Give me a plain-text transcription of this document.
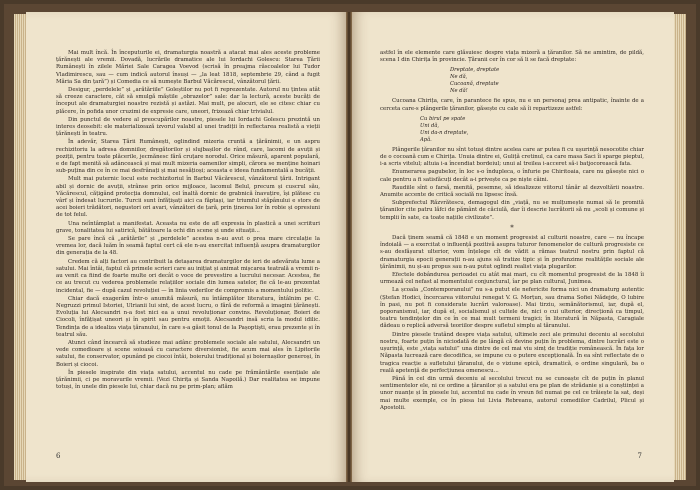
Mai mult încă. În începuturile ei, dramaturgia noastră a atacat mai ales aceste probleme țărănești ale vremii. Dovadă, lucrările dramatice ale lui Iordachi Golescu: Starea Țării Rumânești în zilele Măriei Sale Caragea Voevod (scrisă în preajma răscoalelor lui Tudor Vladimirescu, sau — cum indică autorul însuși — „la leat 1818, septembrie 29, când a fugit Măria Sa din țară”) și Comedia ce să numește Barbul Văcărescul, vânzătorul țării.

Desigur, „perdelele” și „arătăriile” Goleștilor nu pot fi reprezentate. Autorul nu țintea atât să creeze caractere, cât să smulgă măștile „obrazelor” sale: dar la lectură, aceste bucăți de început ale dramaturgiei noastre rezistă și astăzi. Mai mult, pe alocuri, ele se citesc chiar cu plăcere, în pofida unor cruzimi de expresie care, uneori, frizează chiar trivialul.

Din punctul de vedere al preocupărilor noastre, piesele lui Iordachi Golescu prezintă un interes deosebit: ele materializează izvorul valabil al unei tradiții în reflectarea realistă a vieții țărănești în teatru.

În adevăr, Starea Țării Rumânești, oglindind mizeria cruntă a țărănimii, e un aspru rechizitoriu la adresa domniilor, dregătorilor și slujbașilor de rând, care, lacomi de avuții și poziții, pentru toate plăcerile, jecmănesc fără cruțare norodul. Orice măsură, aparent populară, e de fapt menită să adâncească și mai mult mizeria oamenilor simpli, cărora se menține hoinari sub-puțina din ce în ce mai desfrânați și mai nesățioși; aceasta e ideea fundamentală a bucății.

Mult mai puternic locul este rechizitoriul în Barbul Văcărescul, vânzătorul țării. Intrigant abil și dornic de avuții, strânse prin orice mijloace, lacomul Belul, precum și cuscrul său, Văcărescul, cățigând protecția domnului, cel înaltă dornic de grabnică înavuțire, își plătesc cu vârf și îndesat lucrurile. Turcii sunt înfățișați aici ca făptași, iar triumful stăpânului e stors de acei boieri trădători, negustori ori avari, vânzători de țară, prin ținerea lor în robie și opresiuni de tot felul.

Una neîntâmplat a manifestat. Aceasta nu este de afl expresia în plastică a unei scriituri grave, tonalitatea lui satirică, bătătoare la ochi din scene și unde situații...

Se pare încă că „arătările” și „perdelele” acestea n-au avut o prea mare circulație la vremea lor, dacă luăm în seamă faptul cert că ele n-au exercitat influență asupra dramaturgilor din generația de la 48.

Credem că alți factori au contribuit la detașarea dramaturgilor de ieri de adevărata lume a satului. Mai întâi, faptul că primele scrieri care au inițiat și animat mișcarea teatrală a vremii n-au venit ca fiind de foarte multe ori decât o voce de prevestire a lucrului necesar. Acestea, fie ce au trecut cu vederea problemele relațiilor sociale din lumea satelor, fie că le-au prezentat incidental, fie — după cazul revoluției — în linia vederilor de compromis a momentului politic.

Chiar dacă exagerăm într-o anumită măsură, nu întâmplător literatura, întâlnim pe C. Negruzzi primul Istoriei, Ulrianii lui sint, de acest lucru, o fără de reformă a imagini țărănești. Evoluția lui Alecsandri n-a fost nici ea a unui revoluționar convins. Revoluționar, Boieri de Ciocoli, înfățișat uneori și în spirit sau pentru emoții. Alecsandri insă scria la modul idilic. Tendința de a idealiza viața țăranului, în care s-a găsit tonul de la Pașoptiști, erau prezente și în teatrul său.

Atunci când încearcă să studieze mai adânc problemele sociale ale satului, Alecsandri un vede comedioare și scene soioasă cu caractere diversionist, fie acum mai ales în Lipitorile satului, fie conservator, opunând pe ciocoi întâi, boierului tradițional și boiernașilor generoși, în Boieri și ciocoi.

În piesele inspirate din viața satului, accentul nu cade pe frământările esențiale ale țărănimii, ci pe moravurile vremii. (Vezi Chirița și Sanda Napoilă.) Dar realitatea se impune totuși, în unele din piesele lui, chiar dacă nu pe prim-plan; aflăm

6

astfel în ele elemente care glăsuiesc despre viața mizeră a țăranilor. Să ne amintim, de pildă, scena I din Chirița în provincie. Țăranii cer în cor să li se facă dreptate:

Dreptate, dreptate
Ne dă,
Cucoană, dreptate
Ne dă!

Cucoana Chirița, care, în parantece fie spus, nu e un personaj prea antipatic, înainte de a cerceta care-s plângerile țăranilor, găsește cu cale să îi repartizeze astfel:

Cu birul pe spate
Uni dă,
Uni da-n dreptate,
Apă.

Plângerile țăranilor nu sînt totuși dintre acelea care ar putea fi cu ușurință nesocotite chiar de o cocoană cum e Chirița. Unuia dintre ei, Guliță cretinul, ca care masa Saci îi sparge pieptul, i-a scris vitelul; altuia i-a încendiat bordeiul; unui al treilea i-acceret să-i batjocorească fata.

Enumerarea pagubelor, în loc s-o îndupleca, o înfurie pe Chiritoaia, care nu găsește nici o cale pentru a fi satisfăcuți decât a-i privește ca pe niște câini.

Raudiile sînt o farsă, menită, pesemne, să idealizeze viitorul tânăr al dezvoltării noastre. Anumite accente de critică socială nu lipsesc însă.

Subprefectul Răzvrătescu, demagogul din „viață, nu se mulțumește numai să le promită țăranilor cite patru lăfci de pământ de căciulă, dar îi descrie lucrătorii să nu „scoli și comune și templii în sate, ca toate națiile civilizate”.

*

Dacă ținem seamă că 1848 e un moment progresist al culturii noastre, care — nu încape îndoială — a exercitat o influență pozitivă asupra tuturor fenomenelor de cultură progresiste ce s-au desfășurat ulterior, vom înțelege cît de vădit a rămas teatrul nostru prin faptul că dramaturgia epocii generații n-au ajuns să tratize tipic și în profunzime realitățile sociale ale țărănimii, nu și-au propus sau n-au putut oglindi realist viața plugarilor.

Efectele dobândurea perioadei cu atât mai mari, cu cît momentul progresist de la 1848 îi urmează cel nefast al momentului conjunctural, îar pe plan cultural, Junimea.

La școala „Contemporanului” nu s-a putut ele nefericite forma nici un dramaturg autentic (Ștefan Hodici, încercarea viitorului renegat V. G. Morțun, sau drama Sofiei Nădejde, O lubire în pasi, nu pot fi considerate lucrări valoroase). Mai tirziu, semănătorismul, iar, după el, poporanismul, iar, după el, socialismul și cultele de, nici o cui ulterior, direcționă ca timpul, teatru tendințelor din ce în ce mai mult termeni tragici; în literatură în Năpasta, Caragiale dădeau o replică adversă teoriilor despre sufletul simplu al tăranului.

Dintre piesele tratând despre viața satului, ultimele zeci ale primului deceniu al secolului nostru, foarte puțin în niciodată de pe lângă că devine puțin în problema, dintre lucrări este o ușurință, este „viața satului” una dintre de cel mai viu simț de tradiție românească. În fața lor Năpasta lucrează care decodifica, se impune cu o putere excepțională. În ea sînt reflectate de o tragica reacție a sufletului țăranului, de o viziune epică, dramatică, o ordine singulară, ba o reală apetență de perfecțiunea omenescu...

Până în cel din urmă deceniu al secolului trecut nu se cunoaște cît de puțin în planul sentimentelor ele, ni ce ordine a țăranilor și a satului era pe plan de strădanie și a conștiinței a unor nuanțe și în piesele lui, accentul nu cade în vreun fel numai pe cel ce trăiește la sat, deși mai multe exemple, ce în piesa lui Livia Rebreanu, autorul comediilor Cadrilul, Plicul și Apostolii.

7
